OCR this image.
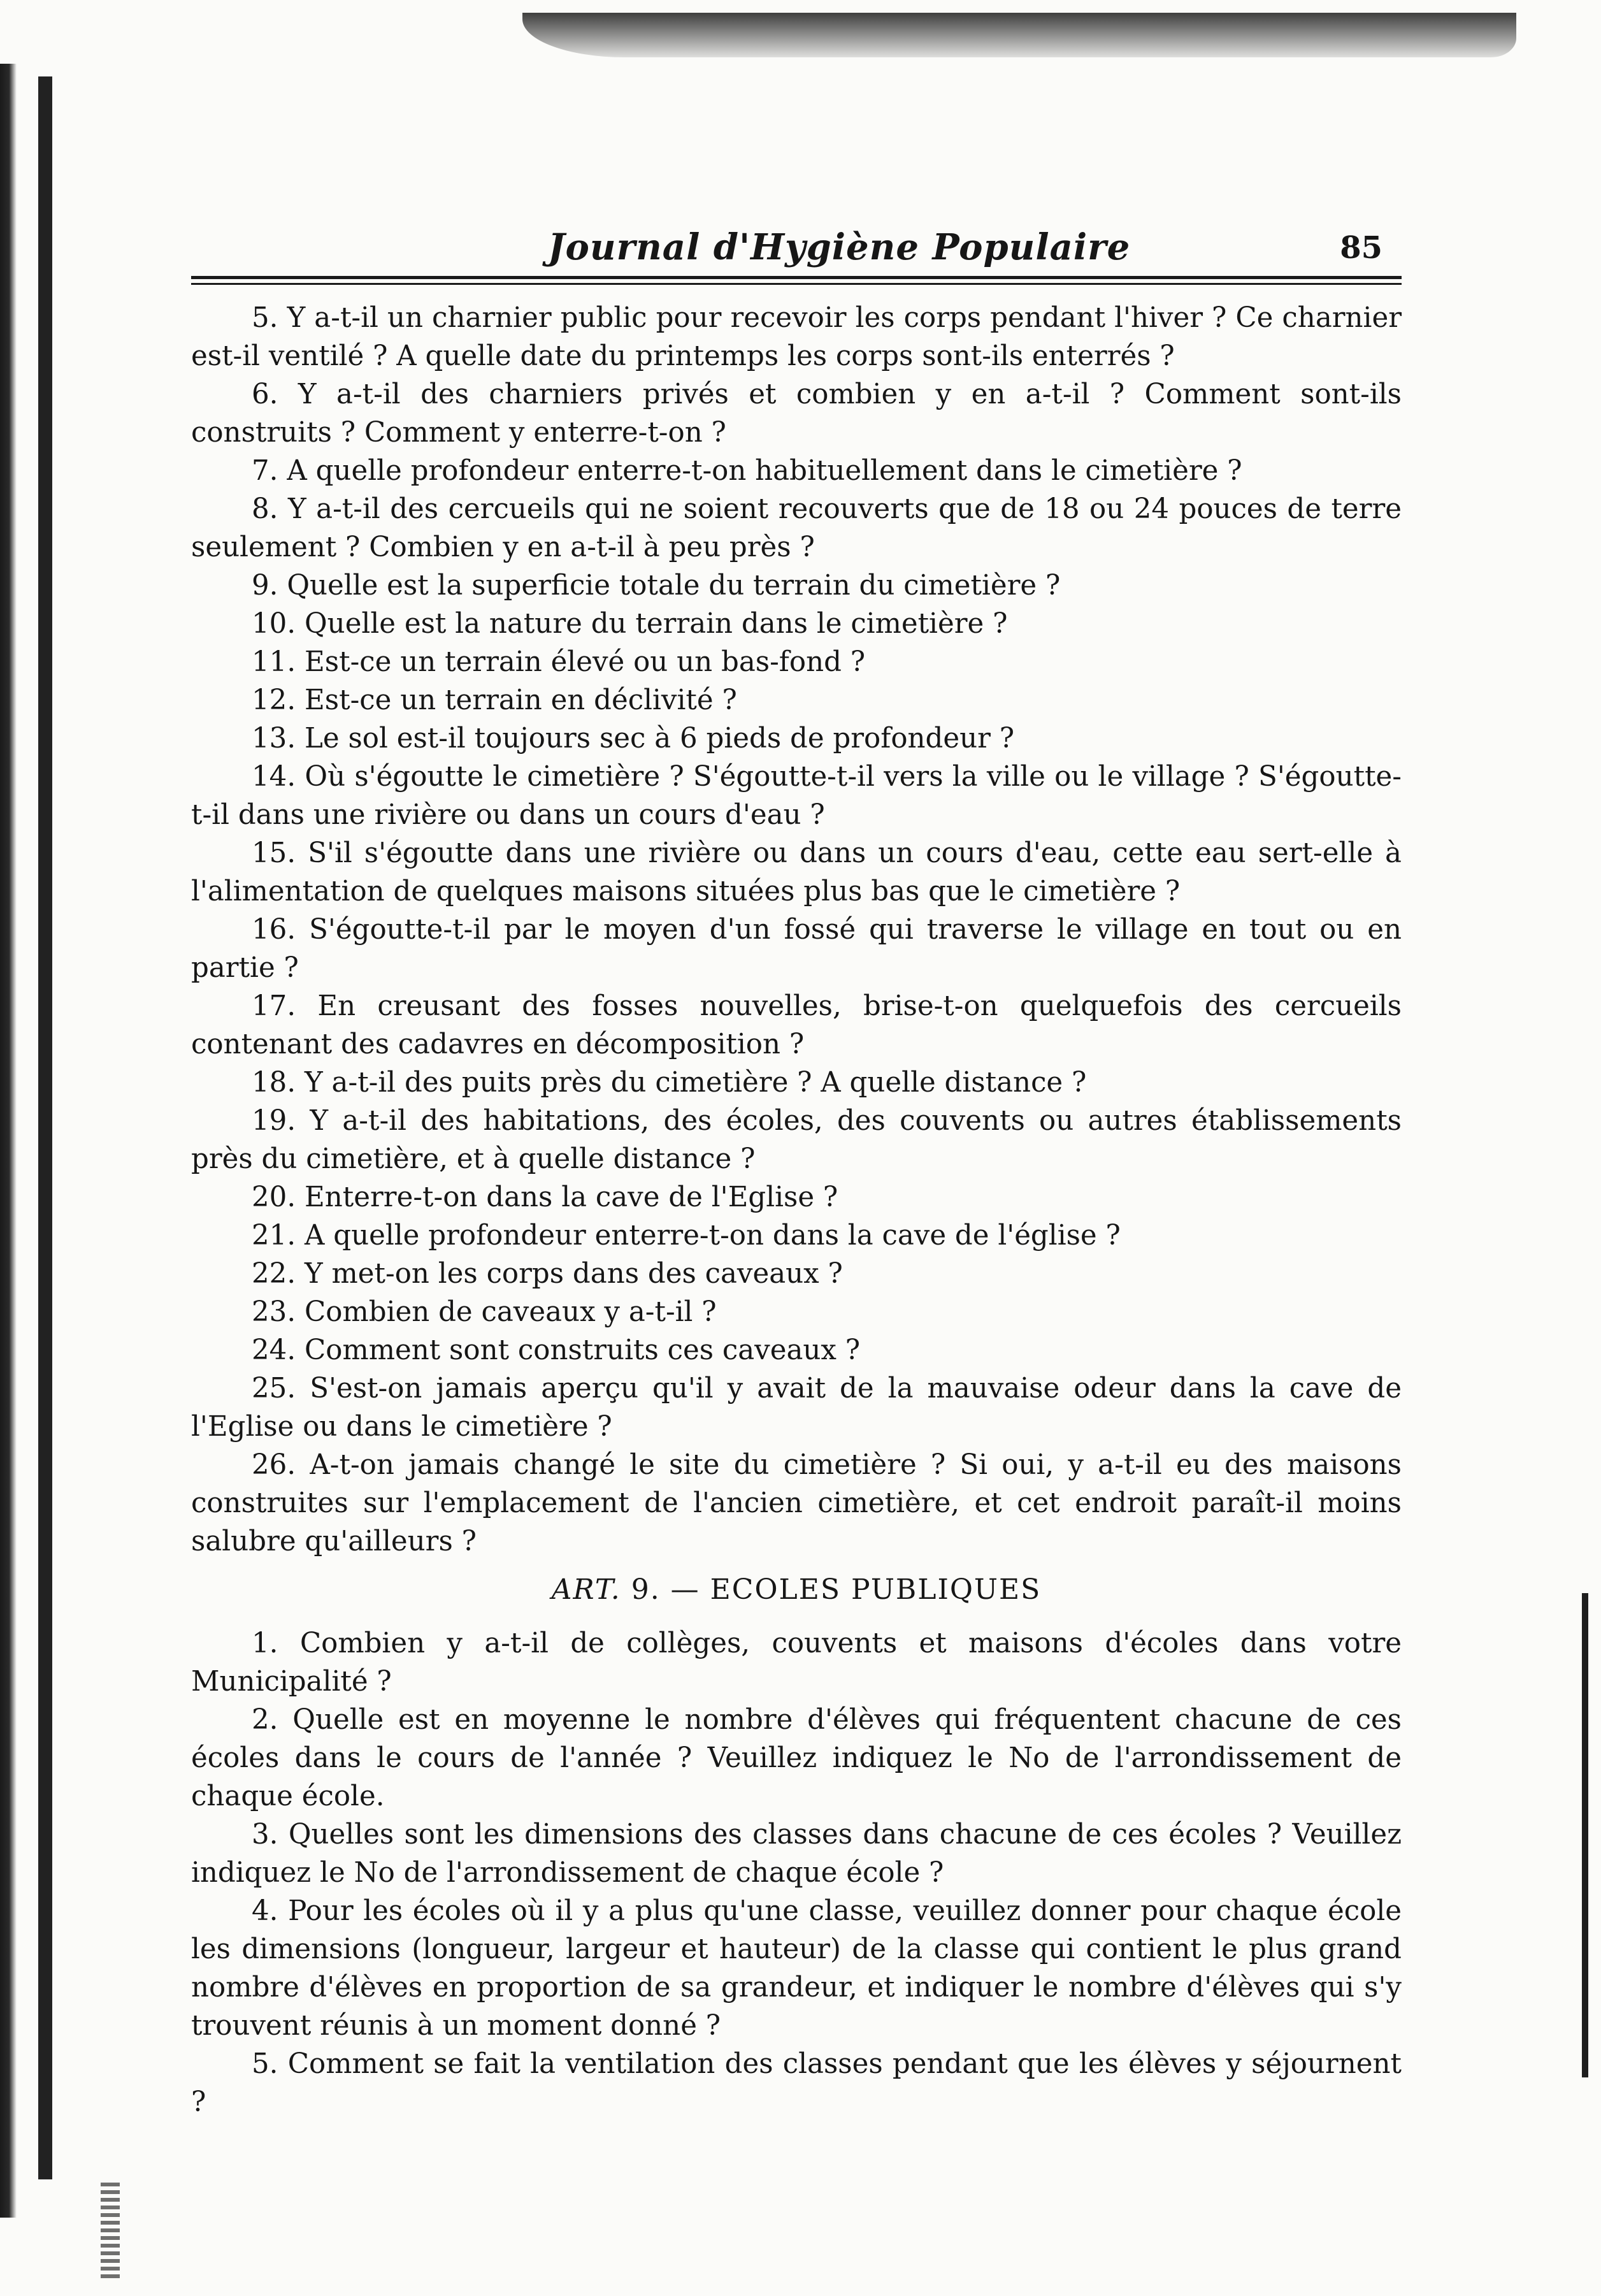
Journal d'Hygiène Populaire	85

5. Y a-t-il un charnier public pour recevoir les corps pendant l'hiver ? Ce charnier est-il ventilé ? A quelle date du printemps les corps sont-ils enterrés ?

6. Y a-t-il des charniers privés et combien y en a-t-il ? Comment sont-ils construits ? Comment y enterre-t-on ?

7. A quelle profondeur enterre-t-on habituellement dans le cimetière ?

8. Y a-t-il des cercueils qui ne soient recouverts que de 18 ou 24 pouces de terre seulement ? Combien y en a-t-il à peu près ?

9. Quelle est la superficie totale du terrain du cimetière ?

10. Quelle est la nature du terrain dans le cimetière ?

11. Est-ce un terrain élevé ou un bas-fond ?

12. Est-ce un terrain en déclivité ?

13. Le sol est-il toujours sec à 6 pieds de profondeur ?

14. Où s'égoutte le cimetière ? S'égoutte-t-il vers la ville ou le village ? S'égoutte-t-il dans une rivière ou dans un cours d'eau ?

15. S'il s'égoutte dans une rivière ou dans un cours d'eau, cette eau sert-elle à l'alimentation de quelques maisons situées plus bas que le cimetière ?

16. S'égoutte-t-il par le moyen d'un fossé qui traverse le village en tout ou en partie ?

17. En creusant des fosses nouvelles, brise-t-on quelquefois des cercueils contenant des cadavres en décomposition ?

18. Y a-t-il des puits près du cimetière ? A quelle distance ?

19. Y a-t-il des habitations, des écoles, des couvents ou autres établissements près du cimetière, et à quelle distance ?

20. Enterre-t-on dans la cave de l'Eglise ?

21. A quelle profondeur enterre-t-on dans la cave de l'église ?

22. Y met-on les corps dans des caveaux ?

23. Combien de caveaux y a-t-il ?

24. Comment sont construits ces caveaux ?

25. S'est-on jamais aperçu qu'il y avait de la mauvaise odeur dans la cave de l'Eglise ou dans le cimetière ?

26. A-t-on jamais changé le site du cimetière ? Si oui, y a-t-il eu des maisons construites sur l'emplacement de l'ancien cimetière, et cet endroit paraît-il moins salubre qu'ailleurs ?

ART. 9. — ECOLES PUBLIQUES

1. Combien y a-t-il de collèges, couvents et maisons d'écoles dans votre Municipalité ?

2. Quelle est en moyenne le nombre d'élèves qui fréquentent chacune de ces écoles dans le cours de l'année ? Veuillez indiquez le No de l'arrondissement de chaque école.

3. Quelles sont les dimensions des classes dans chacune de ces écoles ? Veuillez indiquez le No de l'arrondissement de chaque école ?

4. Pour les écoles où il y a plus qu'une classe, veuillez donner pour chaque école les dimensions (longueur, largeur et hauteur) de la classe qui contient le plus grand nombre d'élèves en proportion de sa grandeur, et indiquer le nombre d'élèves qui s'y trouvent réunis à un moment donné ?

5. Comment se fait la ventilation des classes pendant que les élèves y séjournent ?
